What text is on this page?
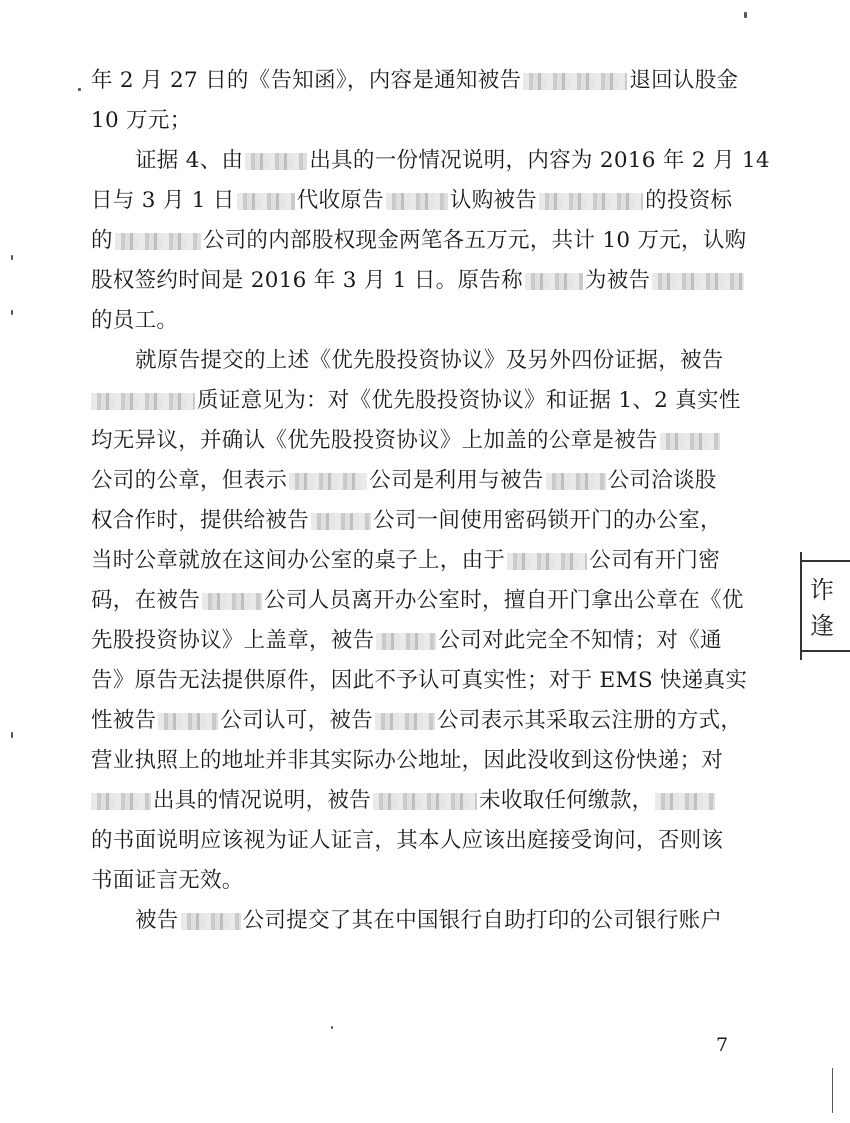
年 2 月 27 日的《告知函》，内容是通知被告	退回认股金
10 万元；
证据 4、由	出具的一份情况说明，内容为 2016 年 2 月 14
日与 3 月 1 日	代收原告	认购被告	的投资标
的	公司的内部股权现金两笔各五万元，共计 10 万元，认购
股权签约时间是 2016 年 3 月 1 日。原告称	为被告
的员工。
就原告提交的上述《优先股投资协议》及另外四份证据，被告
质证意见为：对《优先股投资协议》和证据 1、2 真实性
均无异议，并确认《优先股投资协议》上加盖的公章是被告
公司的公章，但表示	公司是利用与被告	公司洽谈股
权合作时，提供给被告	公司一间使用密码锁开门的办公室，
当时公章就放在这间办公室的桌子上，由于	公司有开门密
码，在被告	公司人员离开办公室时，擅自开门拿出公章在《优
先股投资协议》上盖章，被告	公司对此完全不知情；对《通
告》原告无法提供原件，因此不予认可真实性；对于 EMS 快递真实
性被告	公司认可，被告	公司表示其采取云注册的方式，
营业执照上的地址并非其实际办公地址，因此没收到这份快递；对
出具的情况说明，被告	未收取任何缴款，
的书面说明应该视为证人证言，其本人应该出庭接受询问，否则该
书面证言无效。
被告	公司提交了其在中国银行自助打印的公司银行账户
7
诈
逢
